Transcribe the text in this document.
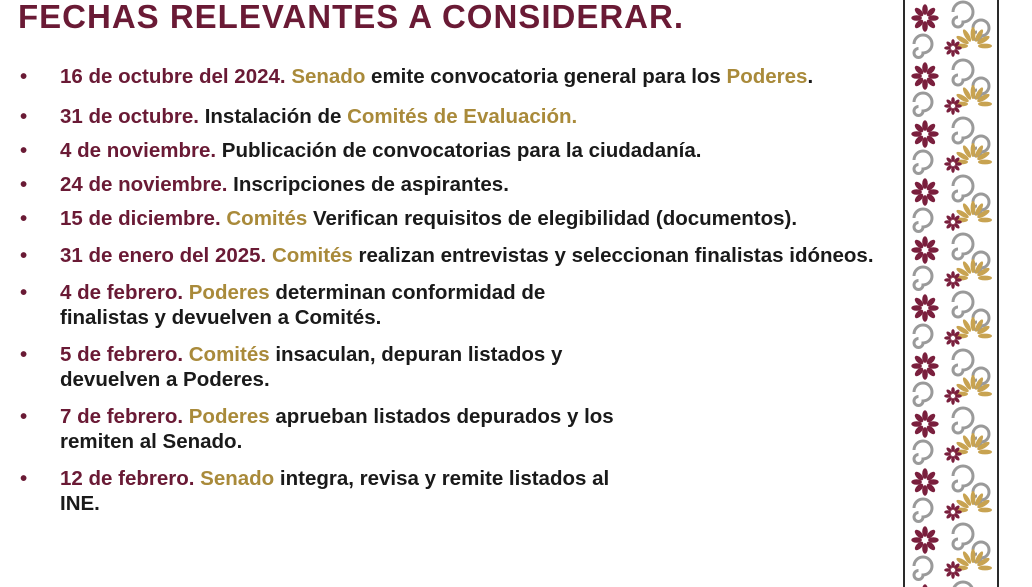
FECHAS RELEVANTES A CONSIDERAR.
• 16 de octubre del 2024. Senado emite convocatoria general para los Poderes.
• 31 de octubre. Instalación de Comités de Evaluación.
• 4 de noviembre. Publicación de convocatorias para la ciudadanía.
• 24 de noviembre. Inscripciones de aspirantes.
• 15 de diciembre. Comités Verifican requisitos de elegibilidad (documentos).
• 31 de enero del 2025. Comités realizan entrevistas y seleccionan finalistas idóneos.
• 4 de febrero. Poderes determinan conformidad de
finalistas y devuelven a Comités.
• 5 de febrero. Comités insaculan, depuran listados y
devuelven a Poderes.
• 7 de febrero. Poderes aprueban listados depurados y los
remiten al Senado.
• 12 de febrero. Senado integra, revisa y remite listados al
INE.
